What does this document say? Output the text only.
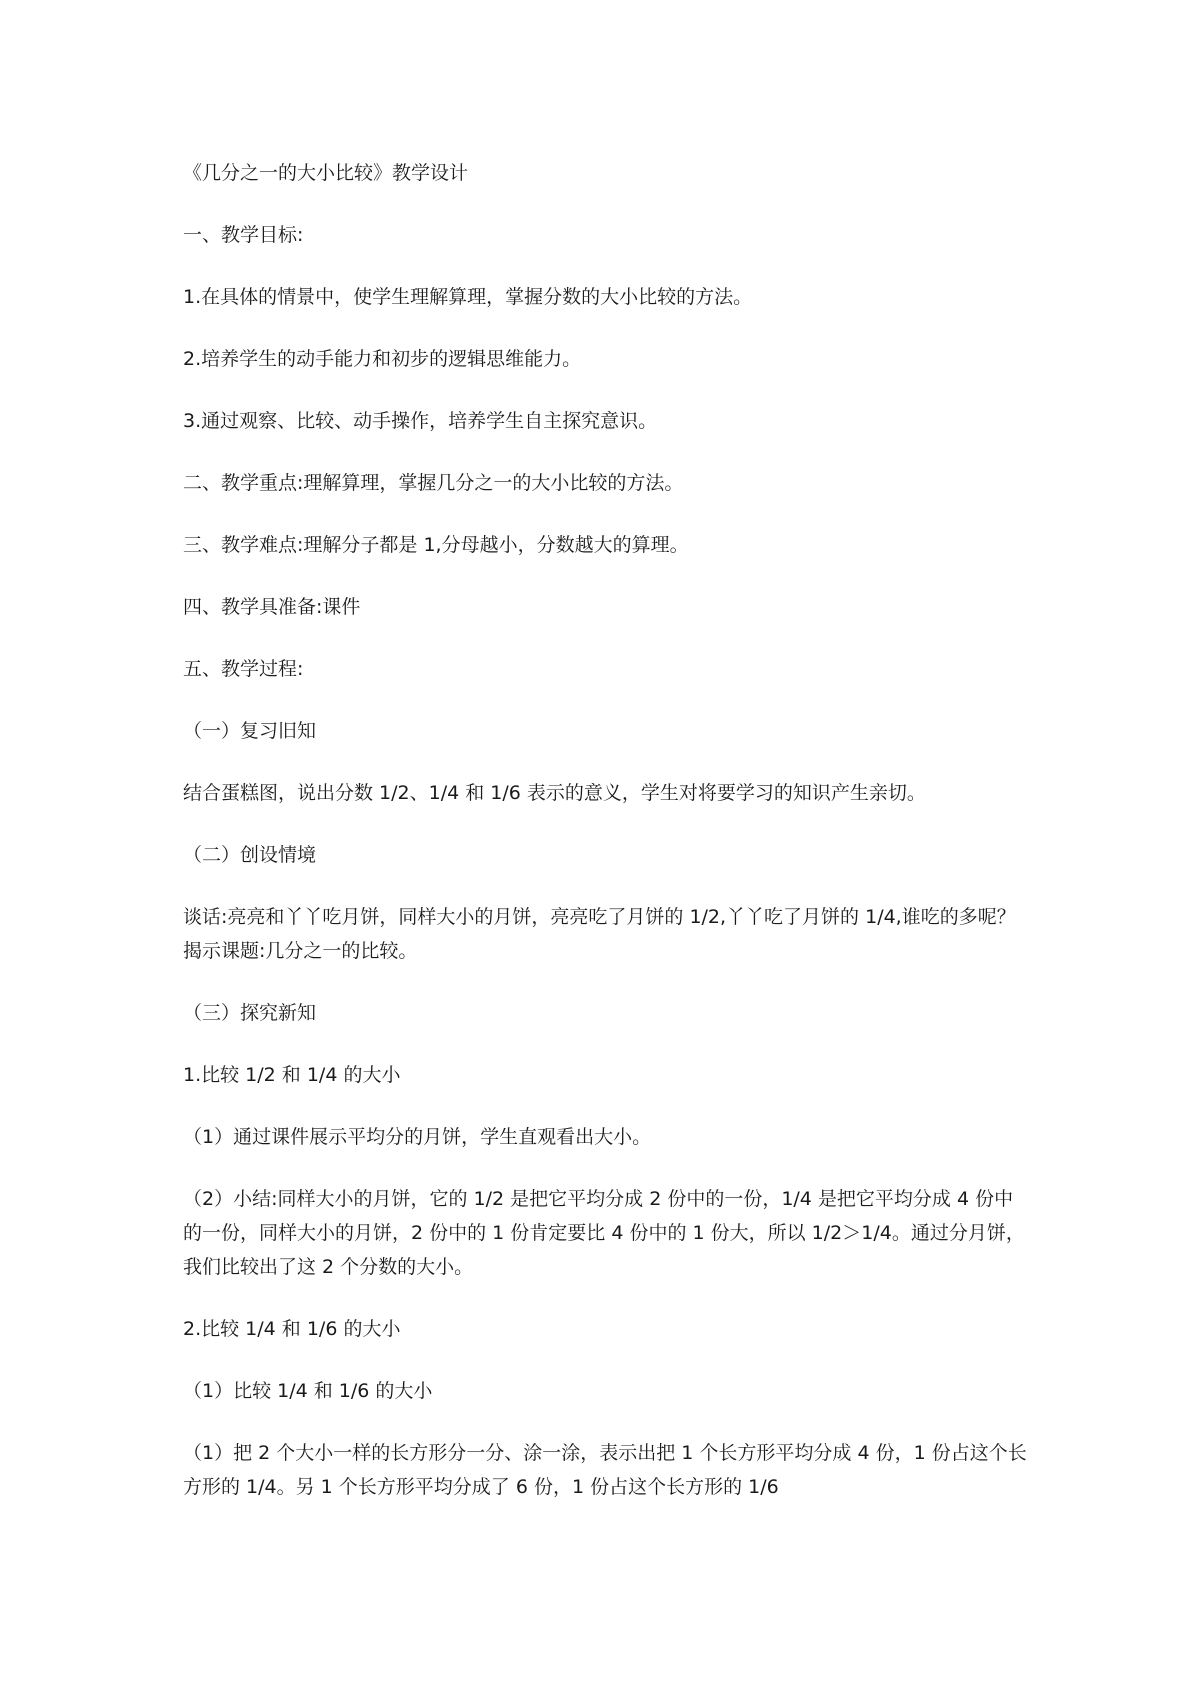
《几分之一的大小比较》教学设计

一、教学目标:

1.在具体的情景中，使学生理解算理，掌握分数的大小比较的方法。

2.培养学生的动手能力和初步的逻辑思维能力。

3.通过观察、比较、动手操作，培养学生自主探究意识。

二、教学重点:理解算理，掌握几分之一的大小比较的方法。

三、教学难点:理解分子都是 1,分母越小，分数越大的算理。

四、教学具准备:课件

五、教学过程:

（一）复习旧知

结合蛋糕图，说出分数 1/2、1/4 和 1/6 表示的意义，学生对将要学习的知识产生亲切。

（二）创设情境

谈话:亮亮和丫丫吃月饼，同样大小的月饼，亮亮吃了月饼的 1/2,丫丫吃了月饼的 1/4,谁吃的多呢？揭示课题:几分之一的比较。

（三）探究新知

1.比较 1/2 和 1/4 的大小

（1）通过课件展示平均分的月饼，学生直观看出大小。

（2）小结:同样大小的月饼，它的 1/2 是把它平均分成 2 份中的一份，1/4 是把它平均分成 4 份中的一份，同样大小的月饼，2 份中的 1 份肯定要比 4 份中的 1 份大，所以 1/2＞1/4。通过分月饼，我们比较出了这 2 个分数的大小。

2.比较 1/4 和 1/6 的大小

（1）比较 1/4 和 1/6 的大小

（1）把 2 个大小一样的长方形分一分、涂一涂，表示出把 1 个长方形平均分成 4 份，1 份占这个长方形的 1/4。另 1 个长方形平均分成了 6 份，1 份占这个长方形的 1/6
